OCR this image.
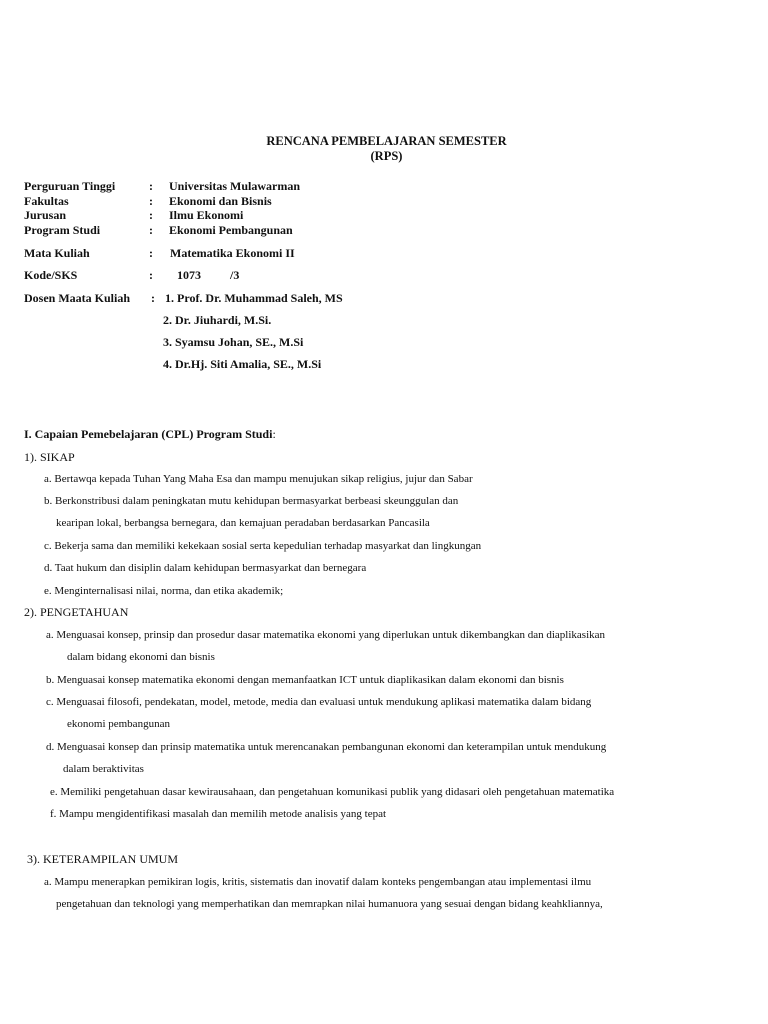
RENCANA PEMBELAJARAN SEMESTER
(RPS)
Perguruan Tinggi	: Universitas Mulawarman
Fakultas	: Ekonomi dan Bisnis
Jurusan	: Ilmu Ekonomi
Program Studi	: Ekonomi Pembangunan
Mata Kuliah	: Matematika Ekonomi II
Kode/SKS	: 1073 /3
Dosen Maata Kuliah : 1. Prof. Dr. Muhammad Saleh, MS
2. Dr. Jiuhardi, M.Si.
3. Syamsu Johan, SE., M.Si
4. Dr.Hj. Siti Amalia, SE., M.Si
I. Capaian Pemebelajaran (CPL) Program Studi:
1). SIKAP
a. Bertawqa kepada Tuhan Yang Maha Esa dan mampu menujukan sikap religius, jujur dan Sabar
b. Berkonstribusi dalam peningkatan mutu kehidupan bermasyarkat berbeasi skeunggulan dan
kearipan lokal, berbangsa bernegara, dan kemajuan peradaban berdasarkan Pancasila
c. Bekerja sama dan memiliki kekekaan sosial serta kepedulian terhadap masyarkat dan lingkungan
d. Taat hukum dan disiplin dalam kehidupan bermasyarkat dan bernegara
e. Menginternalisasi nilai, norma, dan etika akademik;
2). PENGETAHUAN
a. Menguasai konsep, prinsip dan prosedur dasar matematika ekonomi yang diperlukan untuk dikembangkan dan diaplikasikan
dalam bidang ekonomi dan bisnis
b. Menguasai konsep matematika ekonomi dengan memanfaatkan ICT untuk diaplikasikan dalam ekonomi dan bisnis
c. Menguasai filosofi, pendekatan, model, metode, media dan evaluasi untuk mendukung aplikasi matematika dalam bidang
ekonomi pembangunan
d. Menguasai konsep dan prinsip matematika untuk merencanakan pembangunan ekonomi dan keterampilan untuk mendukung
dalam beraktivitas
e. Memiliki pengetahuan dasar kewirausahaan, dan pengetahuan komunikasi publik yang didasari oleh pengetahuan matematika
f. Mampu mengidentifikasi masalah dan memilih metode analisis yang tepat
3). KETERAMPILAN UMUM
a. Mampu menerapkan pemikiran logis, kritis, sistematis dan inovatif dalam konteks pengembangan atau implementasi ilmu
pengetahuan dan teknologi yang memperhatikan dan memrapkan nilai humanuora yang sesuai dengan bidang keahkliannya,
